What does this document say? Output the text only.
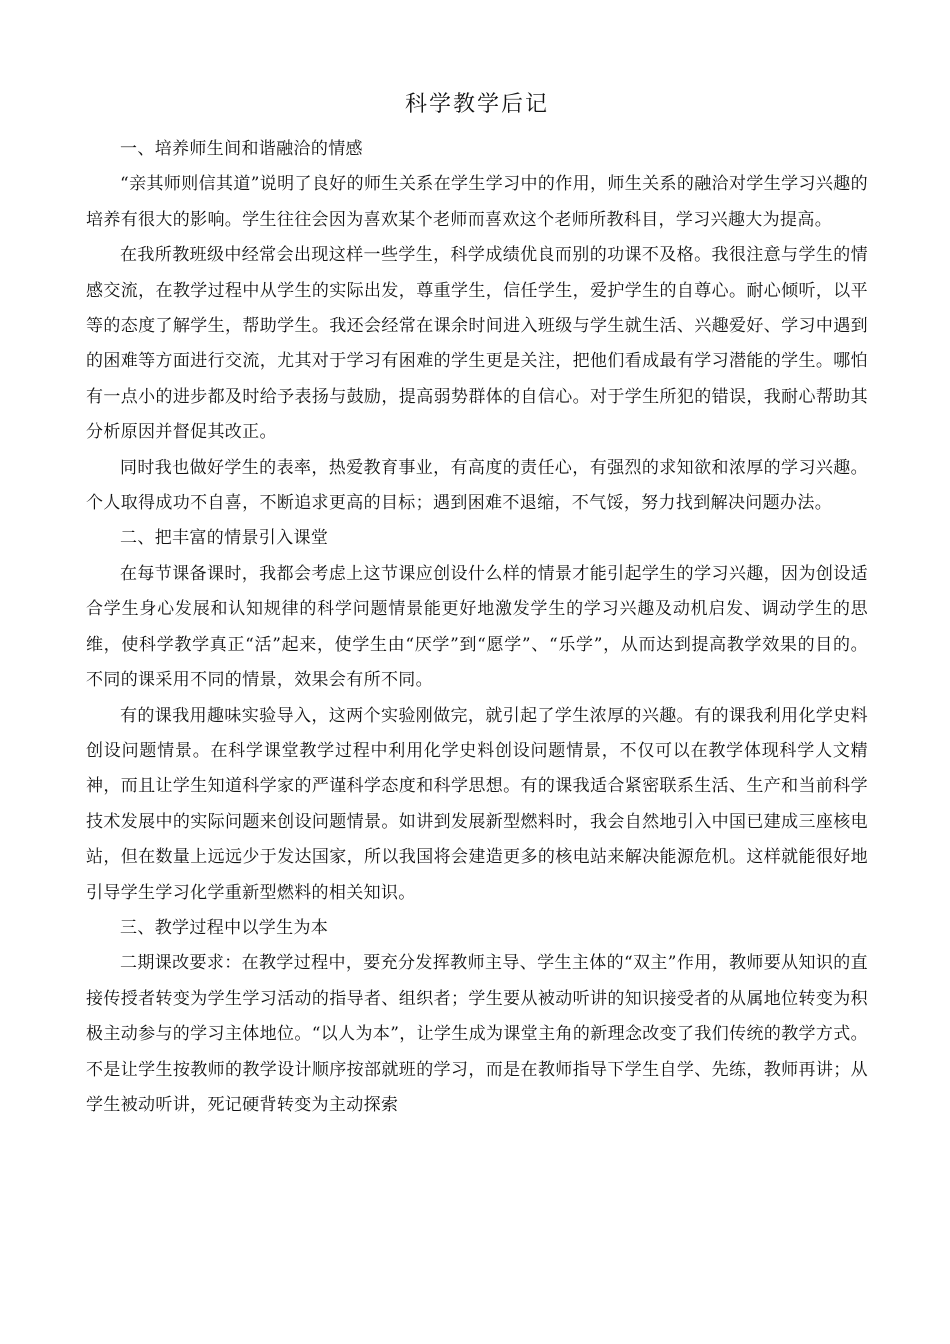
科学教学后记

一、培养师生间和谐融洽的情感

“亲其师则信其道”说明了良好的师生关系在学生学习中的作用，师生关系的融洽对学生学习兴趣的培养有很大的影响。学生往往会因为喜欢某个老师而喜欢这个老师所教科目，学习兴趣大为提高。

在我所教班级中经常会出现这样一些学生，科学成绩优良而别的功课不及格。我很注意与学生的情感交流，在教学过程中从学生的实际出发，尊重学生，信任学生，爱护学生的自尊心。耐心倾听，以平等的态度了解学生，帮助学生。我还会经常在课余时间进入班级与学生就生活、兴趣爱好、学习中遇到的困难等方面进行交流，尤其对于学习有困难的学生更是关注，把他们看成最有学习潜能的学生。哪怕有一点小的进步都及时给予表扬与鼓励，提高弱势群体的自信心。对于学生所犯的错误，我耐心帮助其分析原因并督促其改正。

同时我也做好学生的表率，热爱教育事业，有高度的责任心，有强烈的求知欲和浓厚的学习兴趣。个人取得成功不自喜，不断追求更高的目标；遇到困难不退缩，不气馁，努力找到解决问题办法。

二、把丰富的情景引入课堂

在每节课备课时，我都会考虑上这节课应创设什么样的情景才能引起学生的学习兴趣，因为创设适合学生身心发展和认知规律的科学问题情景能更好地激发学生的学习兴趣及动机启发、调动学生的思维，使科学教学真正“活”起来，使学生由“厌学”到“愿学”、“乐学”，从而达到提高教学效果的目的。不同的课采用不同的情景，效果会有所不同。

有的课我用趣味实验导入，这两个实验刚做完，就引起了学生浓厚的兴趣。有的课我利用化学史料创设问题情景。在科学课堂教学过程中利用化学史料创设问题情景，不仅可以在教学体现科学人文精神，而且让学生知道科学家的严谨科学态度和科学思想。有的课我适合紧密联系生活、生产和当前科学技术发展中的实际问题来创设问题情景。如讲到发展新型燃料时，我会自然地引入中国已建成三座核电站，但在数量上远远少于发达国家，所以我国将会建造更多的核电站来解决能源危机。这样就能很好地引导学生学习化学重新型燃料的相关知识。

三、教学过程中以学生为本

二期课改要求：在教学过程中，要充分发挥教师主导、学生主体的“双主”作用，教师要从知识的直接传授者转变为学生学习活动的指导者、组织者；学生要从被动听讲的知识接受者的从属地位转变为积极主动参与的学习主体地位。“以人为本”，让学生成为课堂主角的新理念改变了我们传统的教学方式。不是让学生按教师的教学设计顺序按部就班的学习，而是在教师指导下学生自学、先练，教师再讲；从学生被动听讲，死记硬背转变为主动探索
